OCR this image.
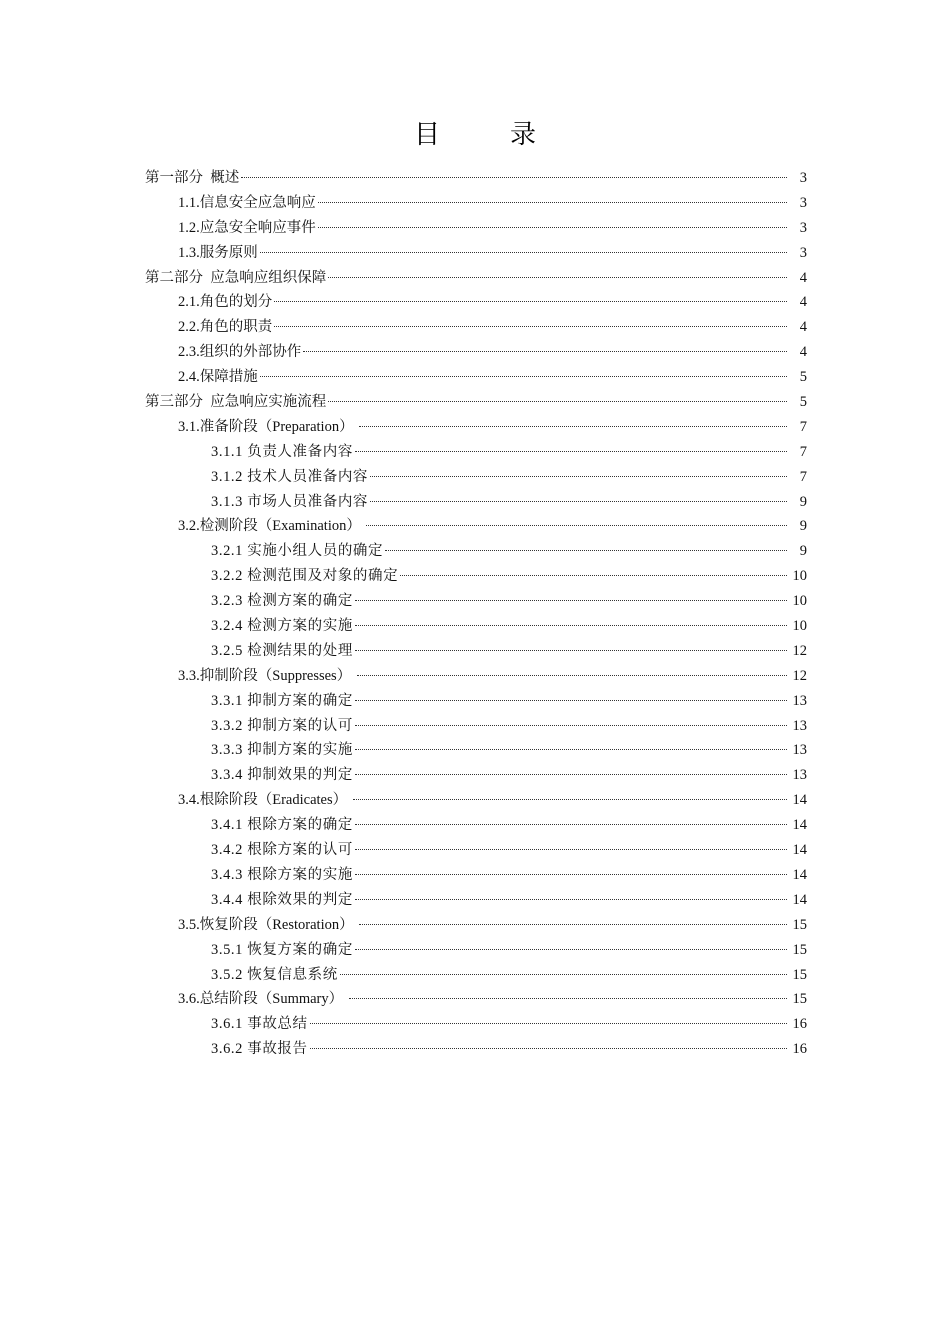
目　录
第一部分  概述	3
1.1.信息安全应急响应	3
1.2.应急安全响应事件	3
1.3.服务原则	3
第二部分  应急响应组织保障	4
2.1.角色的划分	4
2.2.角色的职责	4
2.3.组织的外部协作	4
2.4.保障措施	5
第三部分  应急响应实施流程	5
3.1.准备阶段（Preparation）	7
3.1.1 负责人准备内容	7
3.1.2 技术人员准备内容	7
3.1.3 市场人员准备内容	9
3.2.检测阶段（Examination）	9
3.2.1 实施小组人员的确定	9
3.2.2 检测范围及对象的确定	10
3.2.3 检测方案的确定	10
3.2.4 检测方案的实施	10
3.2.5 检测结果的处理	12
3.3.抑制阶段（Suppresses）	12
3.3.1 抑制方案的确定	13
3.3.2 抑制方案的认可	13
3.3.3 抑制方案的实施	13
3.3.4 抑制效果的判定	13
3.4.根除阶段（Eradicates）	14
3.4.1 根除方案的确定	14
3.4.2 根除方案的认可	14
3.4.3 根除方案的实施	14
3.4.4 根除效果的判定	14
3.5.恢复阶段（Restoration）	15
3.5.1 恢复方案的确定	15
3.5.2 恢复信息系统	15
3.6.总结阶段（Summary）	15
3.6.1 事故总结	16
3.6.2 事故报告	16
